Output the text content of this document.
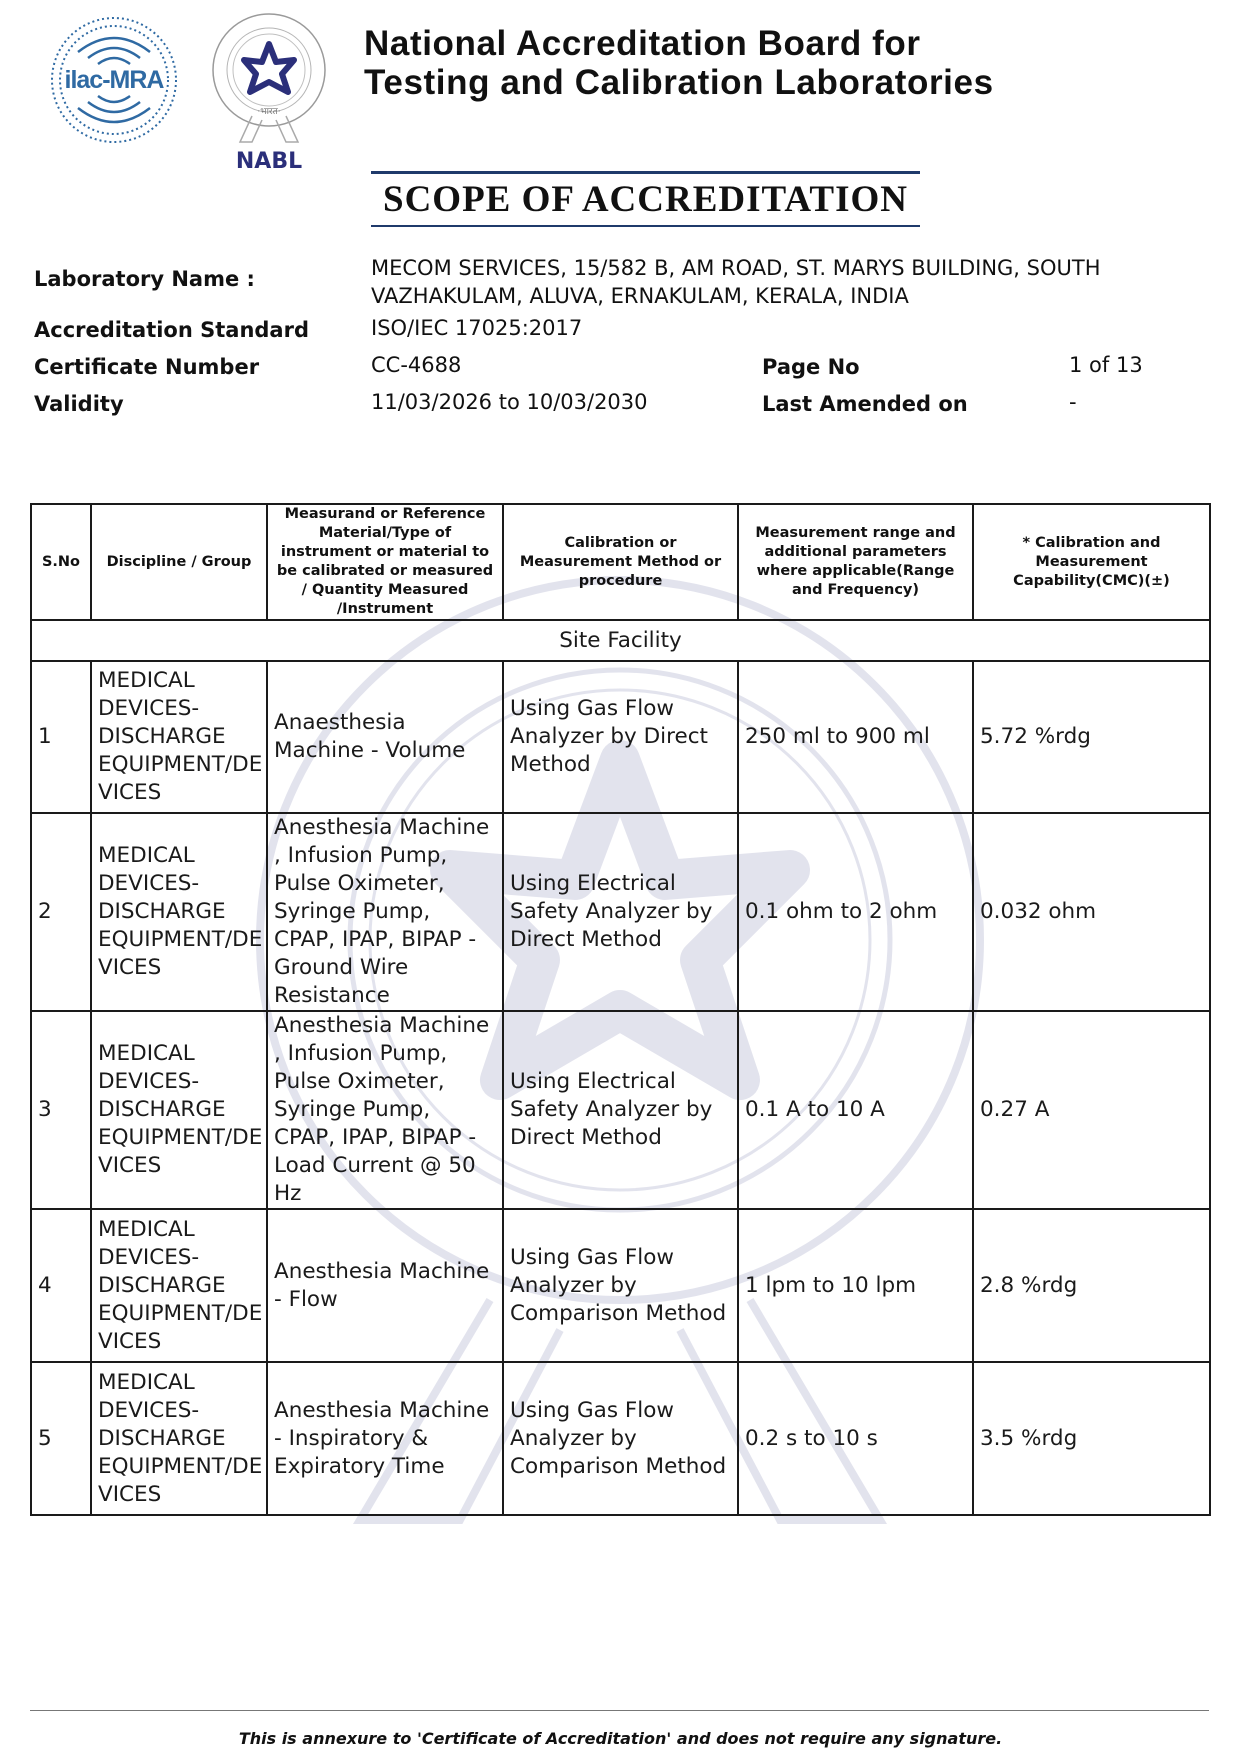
ilac-MRA
·भारत·
NABL
National Accreditation Board for
Testing and Calibration Laboratories
SCOPE OF ACCREDITATION
Laboratory Name :	MECOM SERVICES, 15/582 B, AM ROAD, ST. MARYS BUILDING, SOUTH
VAZHAKULAM, ALUVA, ERNAKULAM, KERALA, INDIA
Accreditation Standard	ISO/IEC 17025:2017
Certificate Number	CC-4688	Page No	1 of 13
Validity	11/03/2026 to 10/03/2030	Last Amended on	-
S.No	Discipline / Group	Measurand or Reference Material/Type of instrument or material to be calibrated or measured / Quantity Measured /Instrument	Calibration or Measurement Method or procedure	Measurement range and additional parameters where applicable(Range and Frequency)	* Calibration and Measurement Capability(CMC)(±)
Site Facility					
1	MEDICAL DEVICES- DISCHARGE EQUIPMENT/DE VICES	Anaesthesia Machine - Volume	Using Gas Flow Analyzer by Direct Method	250 ml to 900 ml	5.72 %rdg
2	MEDICAL DEVICES- DISCHARGE EQUIPMENT/DE VICES	Anesthesia Machine , Infusion Pump, Pulse Oximeter, Syringe Pump, CPAP, IPAP, BIPAP - Ground Wire Resistance	Using Electrical Safety Analyzer by Direct Method	0.1 ohm to 2 ohm	0.032 ohm
3	MEDICAL DEVICES- DISCHARGE EQUIPMENT/DE VICES	Anesthesia Machine , Infusion Pump, Pulse Oximeter, Syringe Pump, CPAP, IPAP, BIPAP - Load Current @ 50 Hz	Using Electrical Safety Analyzer by Direct Method	0.1 A to 10 A	0.27 A
4	MEDICAL DEVICES- DISCHARGE EQUIPMENT/DE VICES	Anesthesia Machine - Flow	Using Gas Flow Analyzer by Comparison Method	1 lpm to 10 lpm	2.8 %rdg
5	MEDICAL DEVICES- DISCHARGE EQUIPMENT/DE VICES	Anesthesia Machine - Inspiratory & Expiratory Time	Using Gas Flow Analyzer by Comparison Method	0.2 s to 10 s	3.5 %rdg
This is annexure to 'Certificate of Accreditation' and does not require any signature.
